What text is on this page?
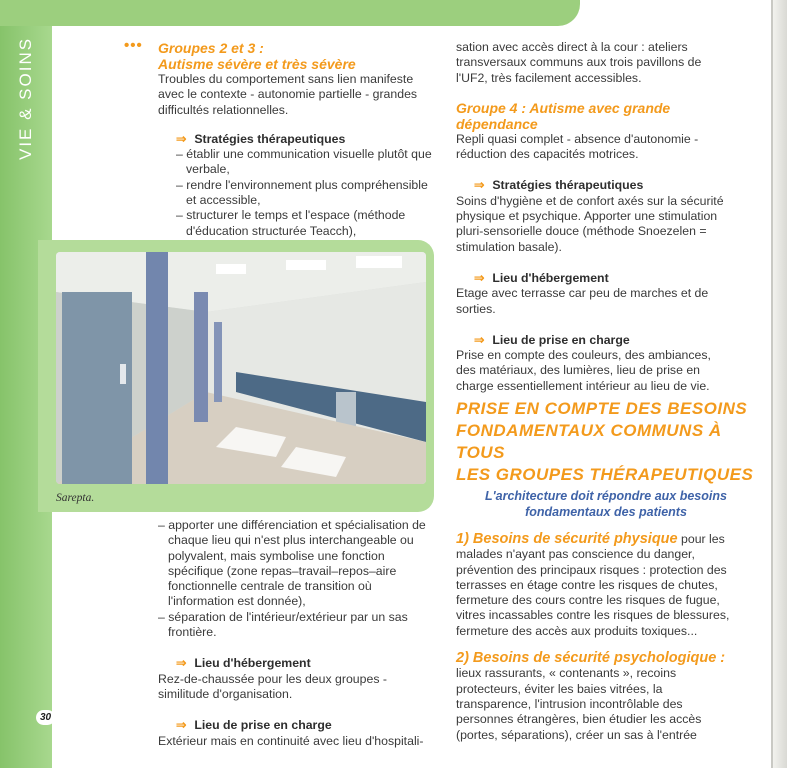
VIE & SOINS	••• Groupes 2 et 3 :
Autisme sévère et très sévère
Troubles du comportement sans lien manifeste avec le contexte - autonomie partielle - grandes difficultés relationnelles.
⇒ Stratégies thérapeutiques
– établir une communication visuelle plutôt que verbale,
– rendre l'environnement plus compréhensible et accessible,
– structurer le temps et l'espace (méthode d'éducation structurée Teacch),
Sarepta.
– apporter une différenciation et spécialisation de chaque lieu qui n'est plus interchangeable ou polyvalent, mais symbolise une fonction spécifique (zone repas–travail–repos–aire fonctionnelle centrale de transition où l'information est donnée),
– séparation de l'intérieur/extérieur par un sas frontière.
⇒ Lieu d'hébergement
Rez-de-chaussée pour les deux groupes - similitude d'organisation.
⇒ Lieu de prise en charge
Extérieur mais en continuité avec lieu d'hospitali-
sation avec accès direct à la cour : ateliers transversaux communs aux trois pavillons de l'UF2, très facilement accessibles.
Groupe 4 : Autisme avec grande dépendance
Repli quasi complet - absence d'autonomie -réduction des capacités motrices.
⇒ Stratégies thérapeutiques
Soins d'hygiène et de confort axés sur la sécurité physique et psychique. Apporter une stimulation pluri-sensorielle douce (méthode Snoezelen = stimulation basale).
⇒ Lieu d'hébergement
Etage avec terrasse car peu de marches et de sorties.
⇒ Lieu de prise en charge
Prise en compte des couleurs, des ambiances, des matériaux, des lumières, lieu de prise en charge essentiellement intérieur au lieu de vie.
PRISE EN COMPTE DES BESOINS
FONDAMENTAUX COMMUNS À TOUS
LES GROUPES THÉRAPEUTIQUES
L'architecture doit répondre aux besoins fondamentaux des patients
1) Besoins de sécurité physique pour les malades n'ayant pas conscience du danger, prévention des principaux risques : protection des terrasses en étage contre les risques de chutes, fermeture des cours contre les risques de fugue, vitres incassables contre les risques de blessures, fermeture des accès aux produits toxiques...
2) Besoins de sécurité psychologique : lieux rassurants, « contenants », recoins protecteurs, éviter les baies vitrées, la transparence, l'intrusion incontrôlable des personnes étrangères, bien étudier les accès (portes, séparations), créer un sas à l'entrée
30
